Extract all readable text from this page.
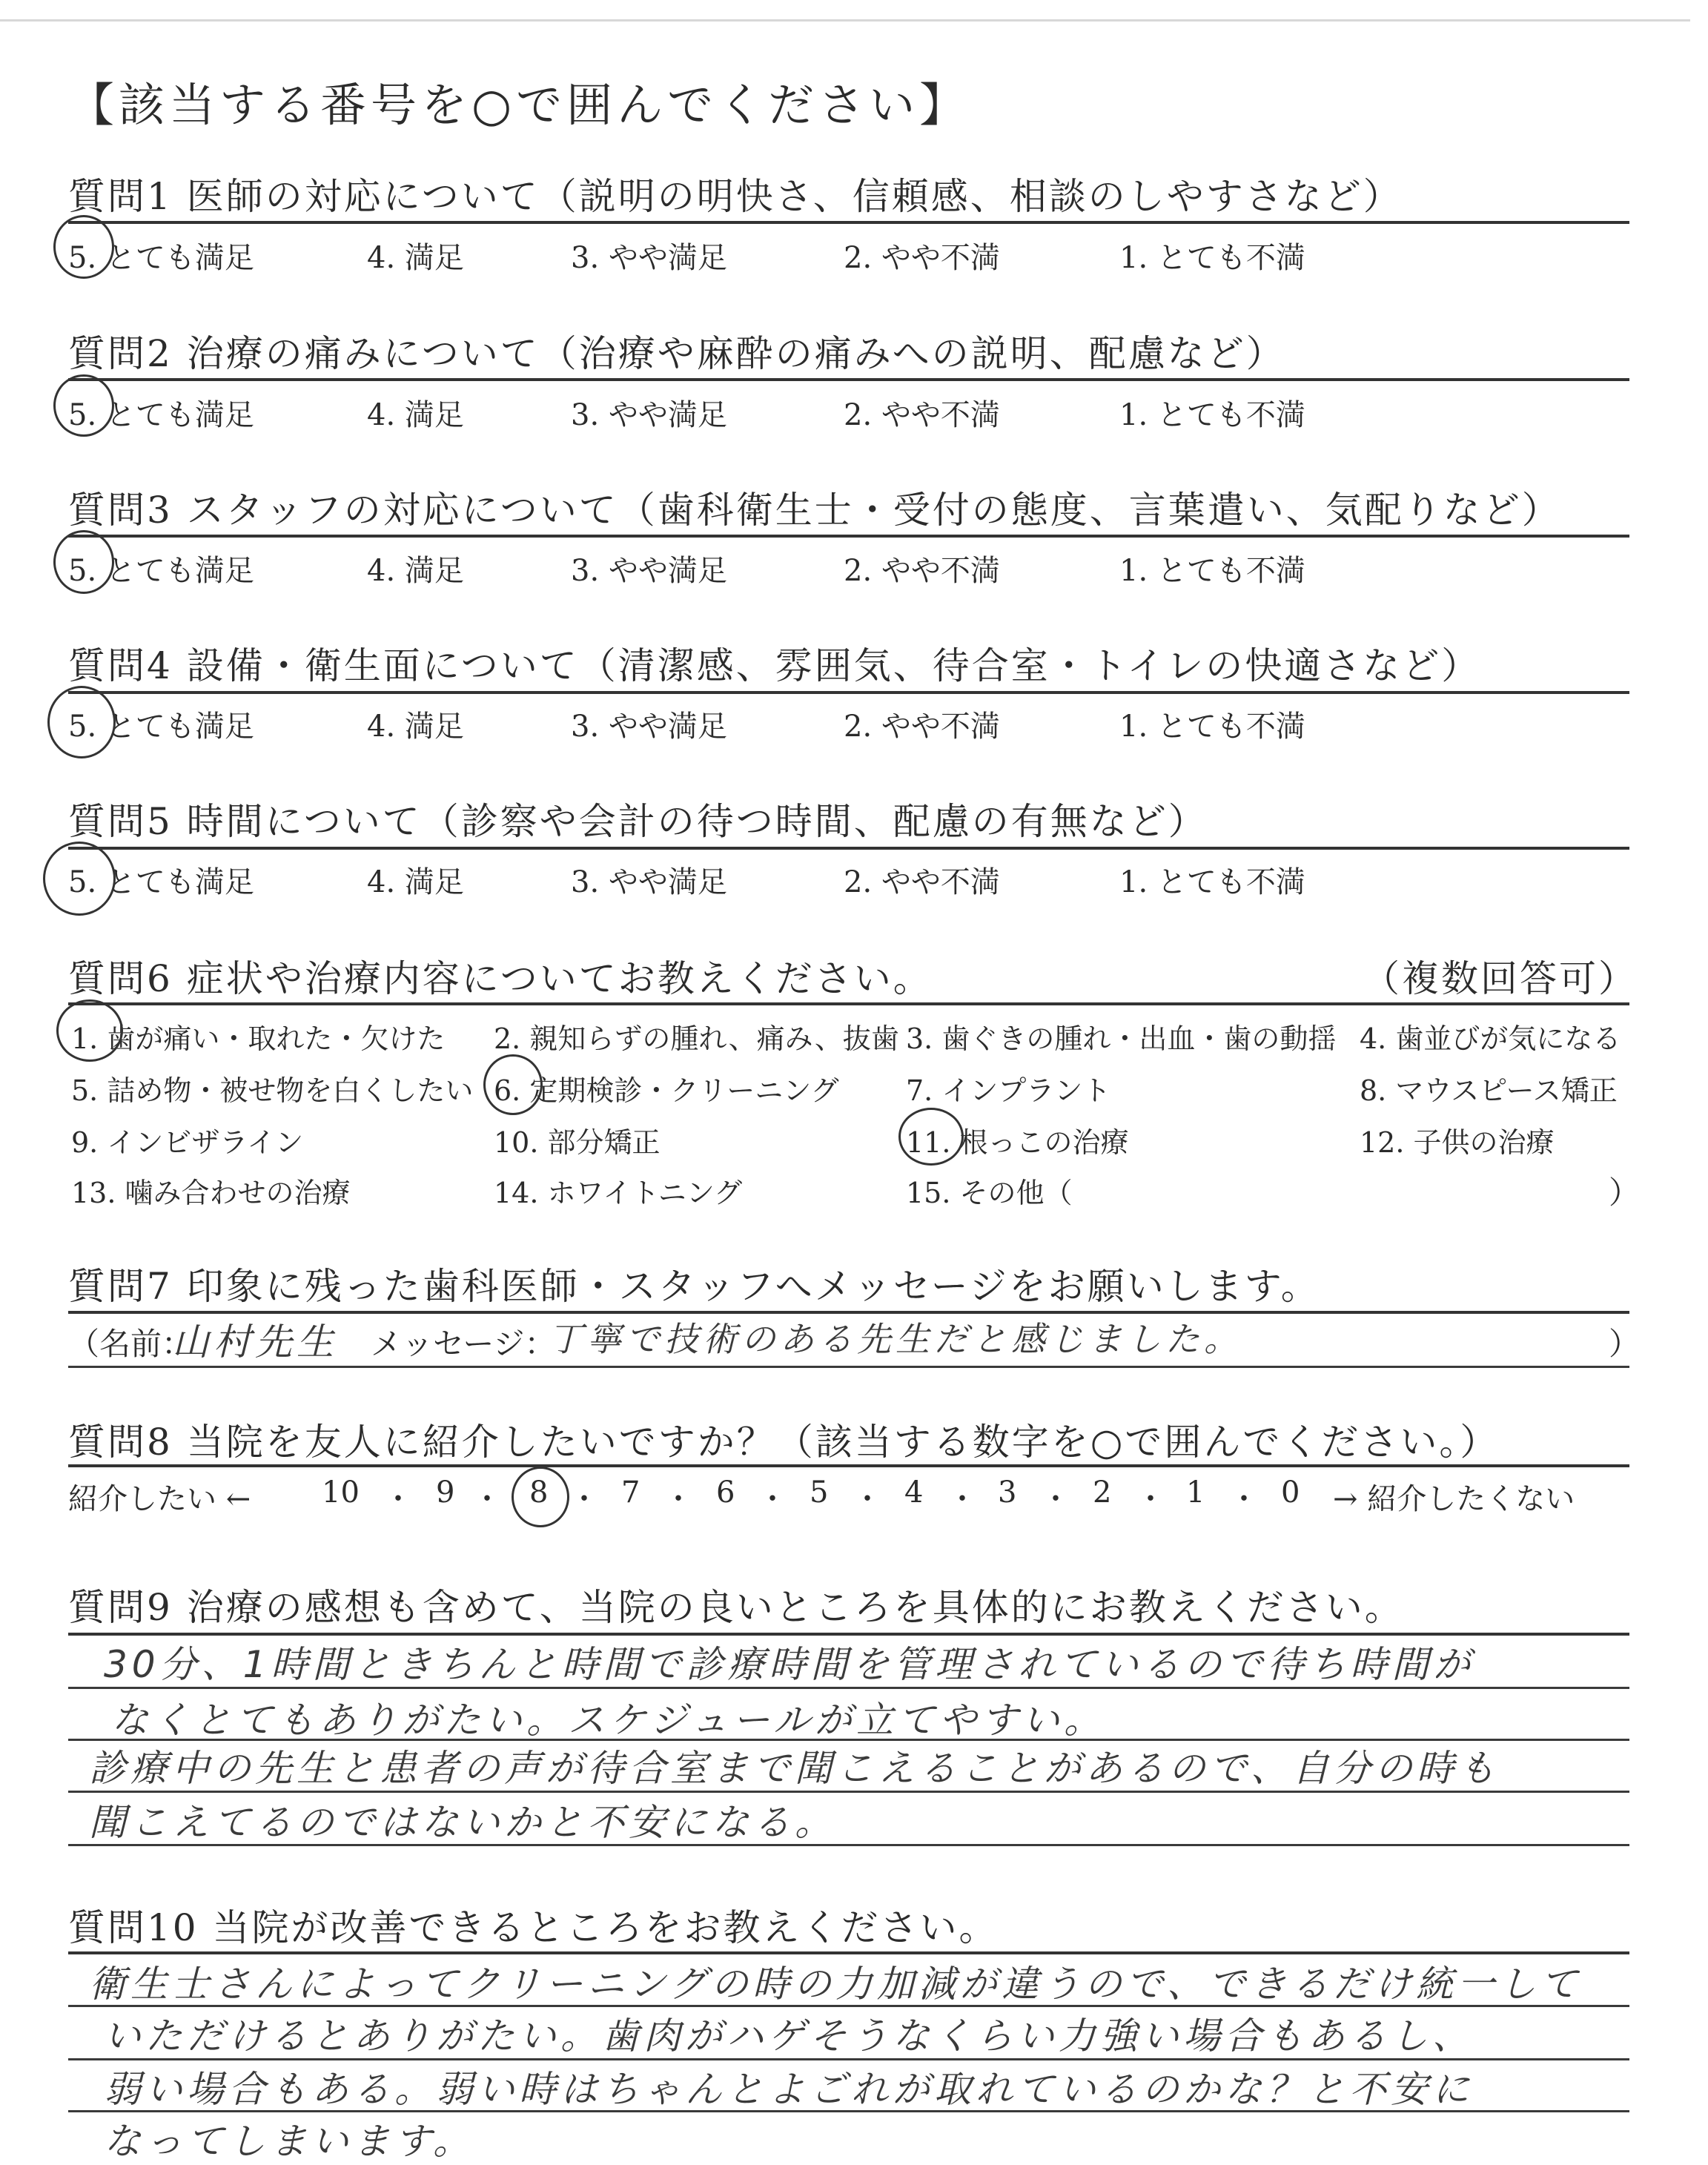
【該当する番号を○で囲んでください】
質問1 医師の対応について（説明の明快さ、信頼感、相談のしやすさなど）
5. とても満足	4. 満足	3. やや満足	2. やや不満	1. とても不満
質問2 治療の痛みについて（治療や麻酔の痛みへの説明、配慮など）
5. とても満足	4. 満足	3. やや満足	2. やや不満	1. とても不満
質問3 スタッフの対応について（歯科衛生士・受付の態度、言葉遣い、気配りなど）
5. とても満足	4. 満足	3. やや満足	2. やや不満	1. とても不満
質問4 設備・衛生面について（清潔感、雰囲気、待合室・トイレの快適さなど）
5. とても満足	4. 満足	3. やや満足	2. やや不満	1. とても不満
質問5 時間について（診察や会計の待つ時間、配慮の有無など）
5. とても満足	4. 満足	3. やや満足	2. やや不満	1. とても不満
質問6 症状や治療内容についてお教えください。	（複数回答可）
1. 歯が痛い・取れた・欠けた 2. 親知らずの腫れ、痛み、抜歯 3. 歯ぐきの腫れ・出血・歯の動揺 4. 歯並びが気になる
5. 詰め物・被せ物を白くしたい 6. 定期検診・クリーニング 7. インプラント	8. マウスピース矯正
9. インビザライン	10. 部分矯正	11. 根っこの治療	12. 子供の治療
13. 噛み合わせの治療	14. ホワイトニング	15. その他（	）
質問7 印象に残った歯科医師・スタッフへメッセージをお願いします。
（名前：
山村先生 メッセージ：
丁寧で技術のある先生だと感じました。	）
質問8 当院を友人に紹介したいですか？（該当する数字を○で囲んでください。）
紹介したい ← 10 ・ 9 ・ 8 ・ 7 ・ 6 ・ 5 ・ 4 ・ 3 ・ 2 ・ 1 ・ 0 → 紹介したくない
質問9 治療の感想も含めて、当院の良いところを具体的にお教えください。
30分、1時間ときちんと時間で診療時間を管理されているので待ち時間が
なくとてもありがたい。スケジュールが立てやすい。
診療中の先生と患者の声が待合室まで聞こえることがあるので、自分の時も
聞こえてるのではないかと不安になる。
質問10 当院が改善できるところをお教えください。
衛生士さんによってクリーニングの時の力加減が違うので、できるだけ統一して
いただけるとありがたい。歯肉がハゲそうなくらい力強い場合もあるし、
弱い場合もある。弱い時はちゃんとよごれが取れているのかな？と不安に
なってしまいます。
